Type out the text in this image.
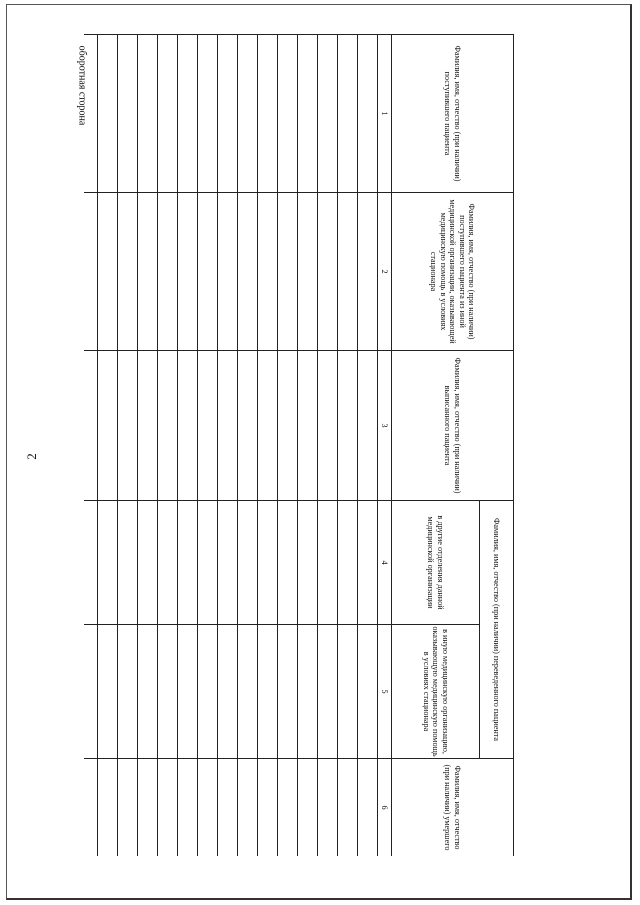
2
оборотная сторона	Фамилия, имя, отчество (при наличии) поступившего пациента	Фамилия, имя, отчество (при наличии) поступившего пациента из иной медицинской организации, оказывающей медицинскую помощь в условиях стационара	Фамилия, имя, отчество (при наличии) выписанного пациента	Фамилия, имя, отчество (при наличии) переведенного пациента		Фамилия, имя, отчество (при наличии) умершего
			в другие отделения данной медицинской организации	в иную медицинскую организацию, оказывающую медицинскую помощь в условиях стационара	
1	2	3	4	5	6
